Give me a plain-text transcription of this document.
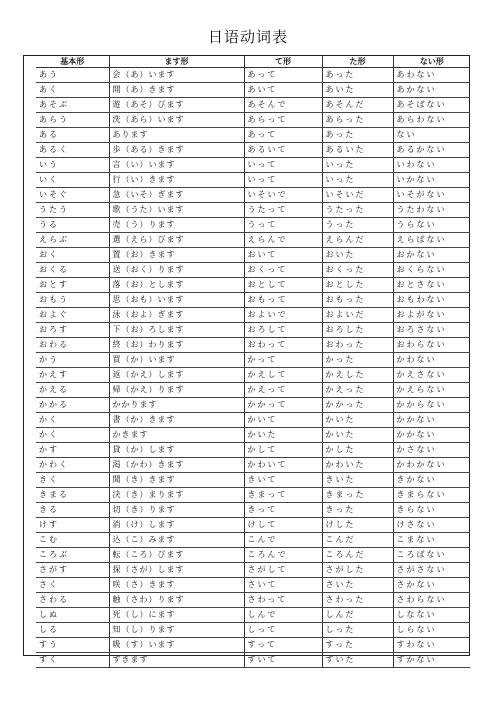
日语动词表
基本形	ます形	て形	た形	ない形
あう	会（あ）います	あって	あった	あわない
あく	開（あ）きます	あいて	あいた	あかない
あそぶ	遊（あそ）びます	あそんで	あそんだ	あそばない
あらう	洗（あら）います	あらって	あらった	あらわない
ある	あります	あって	あった	ない
あるく	歩（ある）きます	あるいて	あるいた	あるかない
いう	言（い）います	いって	いった	いわない
いく	行（い）きます	いって	いった	いかない
いそぐ	急（いそ）ぎます	いそいで	いそいだ	いそがない
うたう	歌（うた）います	うたって	うたった	うたわない
うる	売（う）ります	うって	うった	うらない
えらぶ	選（えら）びます	えらんで	えらんだ	えらばない
おく	置（お）きます	おいて	おいた	おかない
おくる	送（おく）ります	おくって	おくった	おくらない
おとす	落（お）とします	おとして	おとした	おとさない
おもう	思（おも）います	おもって	おもった	おもわない
およぐ	泳（およ）ぎます	およいで	およいだ	およがない
おろす	下（お）ろします	おろして	おろした	おろさない
おわる	終（お）わります	おわって	おわった	おわらない
かう	買（か）います	かって	かった	かわない
かえす	返（かえ）します	かえして	かえした	かえさない
かえる	帰（かえ）ります	かえって	かえった	かえらない
かかる	かかります	かかって	かかった	かからない
かく	書（か）きます	かいて	かいた	かかない
かく	かきます	かいた	かいた	かかない
かす	貸（か）します	かして	かした	かさない
かわく	渇（かわ）きます	かわいて	かわいた	かわかない
きく	聞（き）きます	きいて	きいた	きかない
きまる	決（き）まります	きまって	きまった	きまらない
きる	切（き）ります	きって	きった	きらない
けす	消（け）します	けして	けした	けさない
こむ	込（こ）みます	こんで	こんだ	こまない
ころぶ	転（ころ）びます	ころんで	ころんだ	ころばない
さがす	探（さが）します	さがして	さがした	さがさない
さく	咲（さ）きます	さいて	さいた	さかない
さわる	触（さわ）ります	さわって	さわった	さわらない
しぬ	死（し）にます	しんで	しんだ	しなない
しる	知（し）ります	しって	しった	しらない
すう	吸（す）います	すって	すった	すわない
すく	すきます	すいて	すいた	すかない
